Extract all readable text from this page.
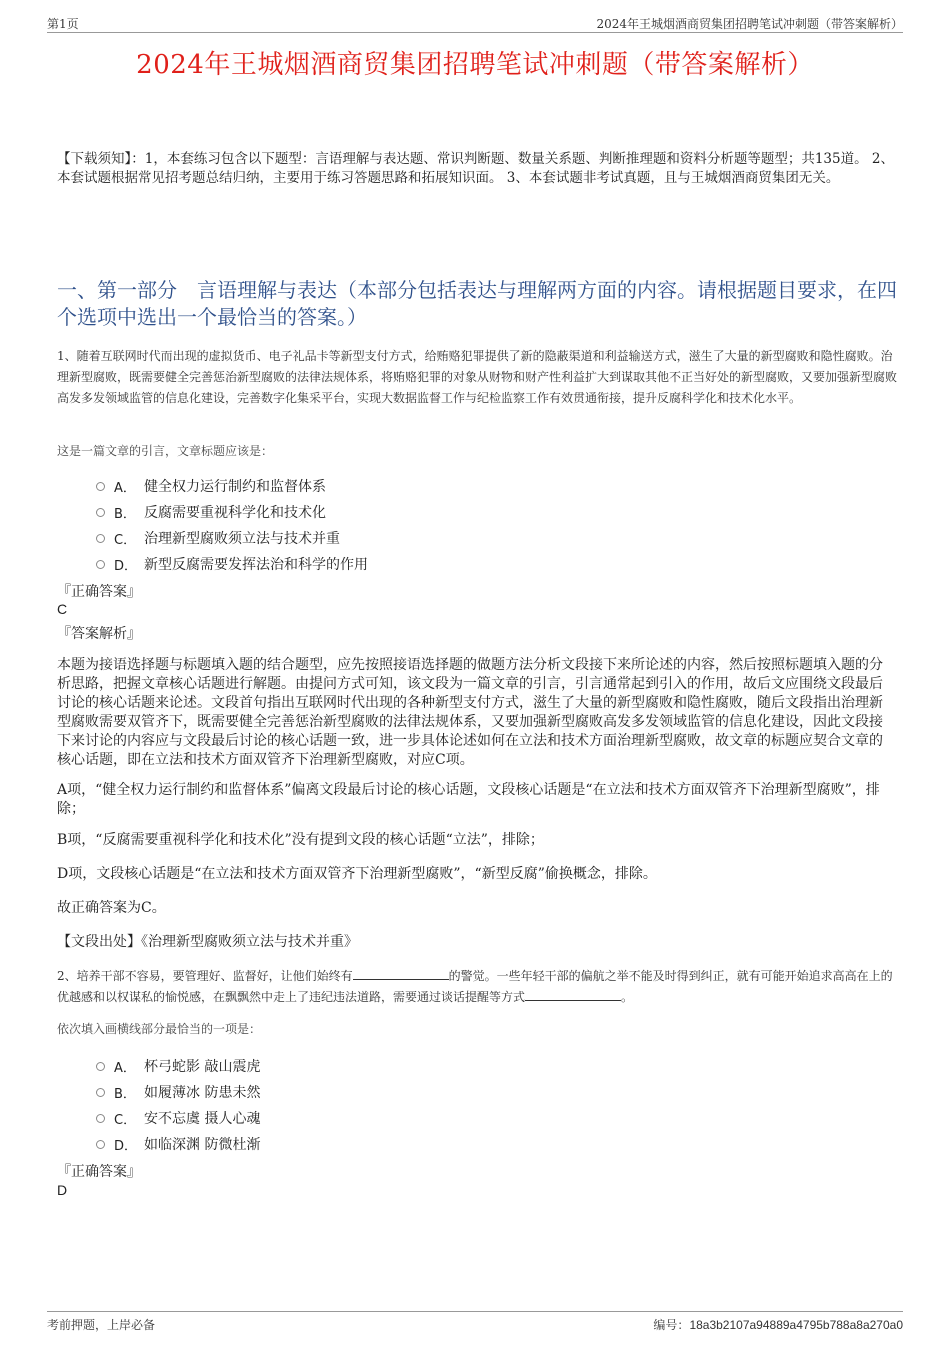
第1页	2024年王城烟酒商贸集团招聘笔试冲刺题（带答案解析）
2024年王城烟酒商贸集团招聘笔试冲刺题（带答案解析）
【下载须知】：1，本套练习包含以下题型：言语理解与表达题、常识判断题、数量关系题、判断推理题和资料分析题等题型；共135道。 2、本套试题根据常见招考题总结归纳，主要用于练习答题思路和拓展知识面。 3、本套试题非考试真题，且与王城烟酒商贸集团无关。
一、第一部分　言语理解与表达（本部分包括表达与理解两方面的内容。请根据题目要求，在四个选项中选出一个最恰当的答案。）
1、随着互联网时代而出现的虚拟货币、电子礼品卡等新型支付方式，给贿赂犯罪提供了新的隐蔽渠道和利益输送方式，滋生了大量的新型腐败和隐性腐败。治理新型腐败，既需要健全完善惩治新型腐败的法律法规体系，将贿赂犯罪的对象从财物和财产性利益扩大到谋取其他不正当好处的新型腐败，又要加强新型腐败高发多发领域监管的信息化建设，完善数字化集采平台，实现大数据监督工作与纪检监察工作有效贯通衔接，提升反腐科学化和技术化水平。
这是一篇文章的引言，文章标题应该是：
A． 健全权力运行制约和监督体系
B． 反腐需要重视科学化和技术化
C． 治理新型腐败须立法与技术并重
D． 新型反腐需要发挥法治和科学的作用
『正确答案』
C
『答案解析』
本题为接语选择题与标题填入题的结合题型，应先按照接语选择题的做题方法分析文段接下来所论述的内容，然后按照标题填入题的分析思路，把握文章核心话题进行解题。由提问方式可知，该文段为一篇文章的引言，引言通常起到引入的作用，故后文应围绕文段最后讨论的核心话题来论述。文段首句指出互联网时代出现的各种新型支付方式，滋生了大量的新型腐败和隐性腐败，随后文段指出治理新型腐败需要双管齐下，既需要健全完善惩治新型腐败的法律法规体系，又要加强新型腐败高发多发领域监管的信息化建设，因此文段接下来讨论的内容应与文段最后讨论的核心话题一致，进一步具体论述如何在立法和技术方面治理新型腐败，故文章的标题应契合文章的核心话题，即在立法和技术方面双管齐下治理新型腐败，对应C项。
A项，“健全权力运行制约和监督体系”偏离文段最后讨论的核心话题，文段核心话题是“在立法和技术方面双管齐下治理新型腐败”，排除；
B项，“反腐需要重视科学化和技术化”没有提到文段的核心话题“立法”，排除；
D项，文段核心话题是“在立法和技术方面双管齐下治理新型腐败”，“新型反腐”偷换概念，排除。
故正确答案为C。
【文段出处】《治理新型腐败须立法与技术并重》
2、培养干部不容易，要管理好、监督好，让他们始终有	的警觉。一些年轻干部的偏航之举不能及时得到纠正，就有可能开始追求高高在上的优越感和以权谋私的愉悦感，在飘飘然中走上了违纪违法道路，需要通过谈话提醒等方式	。
依次填入画横线部分最恰当的一项是：
A． 杯弓蛇影 敲山震虎
B． 如履薄冰 防患未然
C． 安不忘虞 摄人心魂
D． 如临深渊 防微杜渐
『正确答案』
D
考前押题，上岸必备	编号：18a3b2107a94889a4795b788a8a270a0
